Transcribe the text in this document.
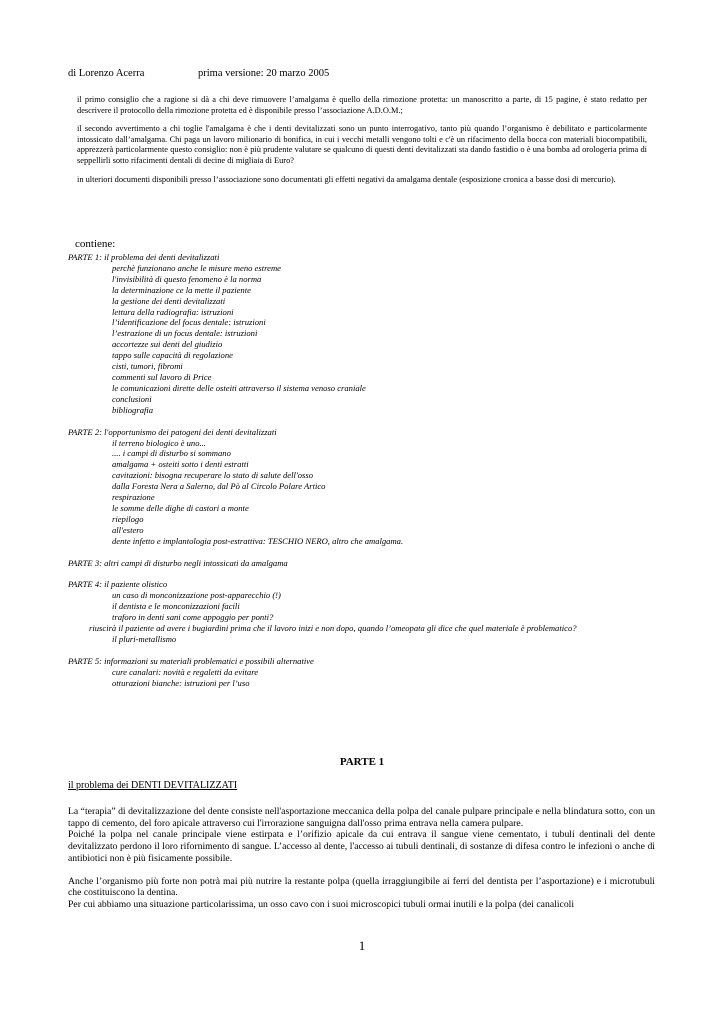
di Lorenzo Acerra	prima versione: 20 marzo 2005

il primo consiglio che a ragione si dà a chi deve rimuovere l’amalgama è quello della rimozione protetta: un manoscritto a parte, di 15 pagine, è stato redatto per descrivere il protocollo della rimozione protetta ed è disponibile presso l’associazione A.D.O.M.;

il secondo avvertimento a chi toglie l'amalgama è che i denti devitalizzati sono un punto interrogativo, tanto più quando l’organismo è debilitato e particolarmente intossicato dall’amalgama. Chi paga un lavoro milionario di bonifica, in cui i vecchi metalli vengono tolti e c'è un rifacimento della bocca con materiali biocompatibili, apprezzerà particolarmente questo consiglio: non è più prudente valutare se qualcuno di questi denti devitalizzati sta dando fastidio o è una bomba ad orologeria prima di seppellirli sotto rifacimenti dentali di decine di migliaia di Euro?

in ulteriori documenti disponibili presso l’associazione sono documentati gli effetti negativi da amalgama dentale (esposizione cronica a basse dosi di mercurio).

contiene:

PARTE 1: il problema dei denti devitalizzati

perchè funzionano anche le misure meno estreme

l'invisibilità di questo fenomeno è la norma

la determinazione ce la mette il paziente

la gestione dei denti devitalizzati

lettura della radiografia: istruzioni

l’identificazione del focus dentale: istruzioni

l’estrazione di un focus dentale: istruzioni

accortezze sui denti del giudizio

tappo sulle capacità di regolazione

cisti, tumori, fibromi

commenti sul lavoro di Price

le comunicazioni dirette delle osteiti attraverso il sistema venoso craniale

conclusioni

bibliografia

PARTE 2: l'opportunismo dei patogeni dei denti devitalizzati

il terreno biologico è uno...

.... i campi di disturbo si sommano

amalgama + osteiti sotto i denti estratti

cavitazioni: bisogna recuperare lo stato di salute dell'osso

dalla Foresta Nera a Salerno, dal Pò al Circolo Polare Artico

respirazione

le somme delle dighe di castori a monte

riepilogo

all'estero

dente infetto e implantologia post-estrattiva: TESCHIO NERO, altro che amalgama.

PARTE 3: altri campi di disturbo negli intossicati da amalgama

PARTE 4: il paziente olistico

un caso di monconizzazione post-apparecchio (!)

il dentista e le monconizzazioni facili

traforo in denti sani come appoggio per ponti?

riuscirà il paziente ad avere i bugiardini prima che il lavoro inizi e non dopo, quando l’omeopata gli dice che quel materiale è problematico?

il pluri-metallismo

PARTE 5: informazioni su materiali problematici e possibili alternative

cure canalari: novità e regaletti da evitare

otturazioni bianche: istruzioni per l’uso

PARTE 1
il problema dei DENTI DEVITALIZZATI

La “terapia” di devitalizzazione del dente consiste nell'asportazione meccanica della polpa del canale pulpare principale e nella blindatura sotto, con un tappo di cemento, del foro apicale attraverso cui l'irrorazione sanguigna dall'osso prima entrava nella camera pulpare.

Poiché la polpa nel canale principale viene estirpata e l’orifizio apicale da cui entrava il sangue viene cementato, i tubuli dentinali del dente devitalizzato perdono il loro rifornimento di sangue. L’accesso al dente, l'accesso ai tubuli dentinali, di sostanze di difesa contro le infezioni o anche di antibiotici non è più fisicamente possibile.

Anche l’organismo più forte non potrà mai più nutrire la restante polpa (quella irraggiungibile ai ferri del dentista per l’asportazione) e i microtubuli che costituiscono la dentina.

Per cui abbiamo una situazione particolarissima, un osso cavo con i suoi microscopici tubuli ormai inutili e la polpa (dei canalicoli

1
